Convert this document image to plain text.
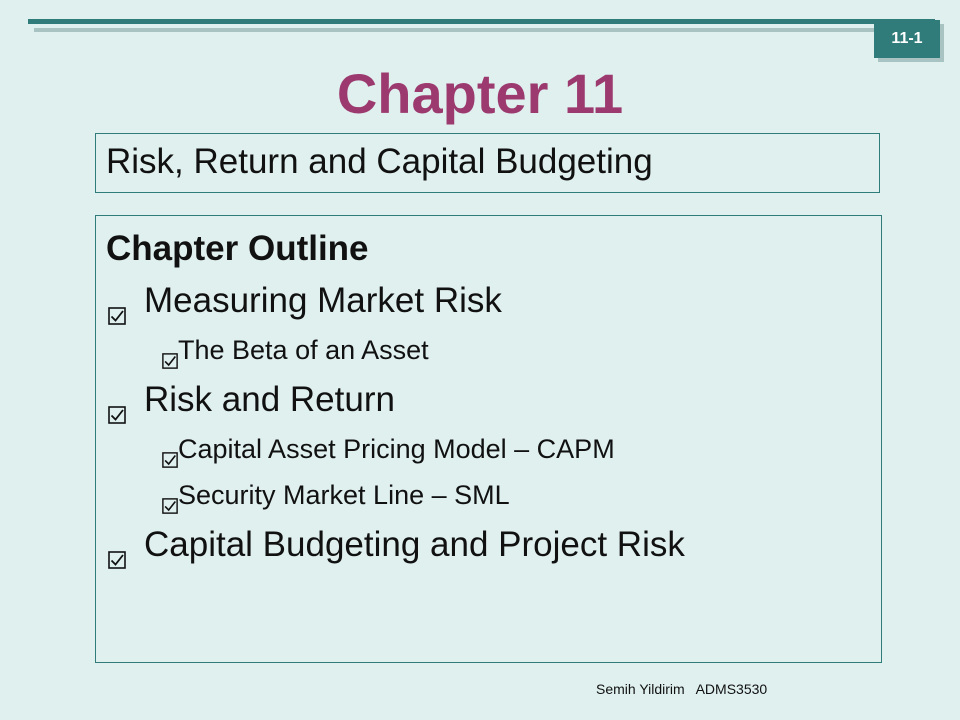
11-1
Chapter 11
Risk, Return and Capital Budgeting
Chapter Outline
Measuring Market Risk
The Beta of an Asset
Risk and Return
Capital Asset Pricing Model – CAPM
Security Market Line – SML
Capital Budgeting and Project Risk
Semih Yildirim   ADMS3530
